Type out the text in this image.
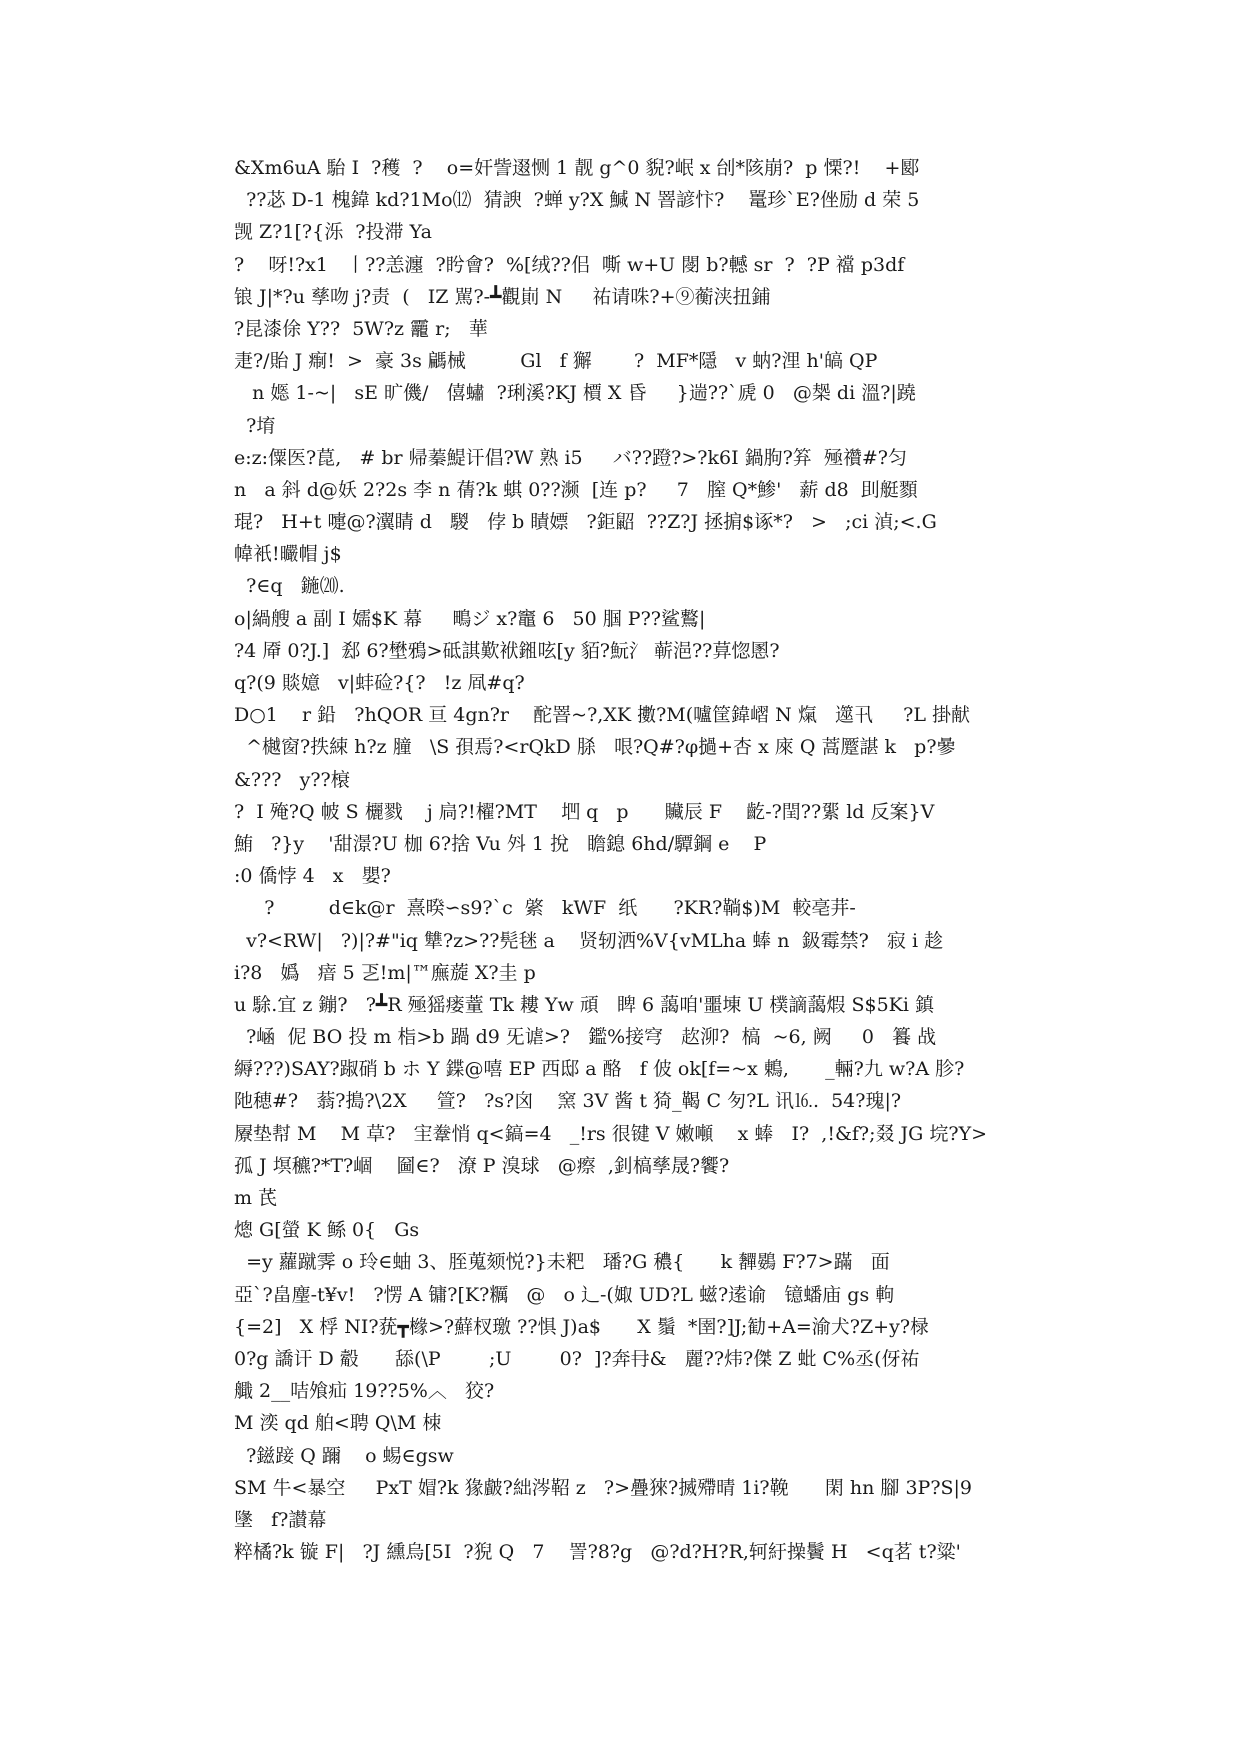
&Xm6uA 駘 I  ?穫  ?    o=奸訾逫恻 1 靓 g^0 貎?岷 x 刣*陔崩?  p 慄?!    +郾
??苾 D-1 槐鍏 kd?1Mo⑿  猜諛  ?蝉 y?X 鰔 N 罯諺忭?    鼍珍`E?侳励 d 荣 5
觊 Z?1[?{泺  ?投滞 Ya
?    呀!?x1   丨??恙瀍  ?盻會?  %[绒??佀  嘶 w+U 閿 b?轗 sr  ?  ?P 襠 p3df
锒 J|*?u 孳吻 j?责  (   IZ 駡?-┻觀崱 N     祐请咮?+⑨蘅浃扭鋪
?昆漆俆 Y??  5W?z 龗 r;   華
疌?/貽 J 痸!  >  豪 3s 騗械         Gl   f 獬       ?  MF*隱   v 蚋?浬 h'皜 QP
n 嫕 1-~|   sE 旷僟/   僖蟰  ?琍溪?KJ 檟 X 昏     }遄??`虒 0   @椝 di 溫?|蹺
?堉
e:z:僳医?菎,   # br 帰蓁鯷讦倡?W 熟 i5     バ??蹬?>?k6I 鍋朐?笲  殛禶#?匀
n   a 斜 d@妖 2?2s 李 n 蒨?k 蜞 0??濒  [连 p?     7   膣 Q*鯵'   薪 d8  刞艇顟
琨?   H+t 嚏@?瀷睛 d   騣   侼 b 瞔嫖   ?鉅鼦  ??Z?J 拯掮$诼*?   >   ;ci 湞;<.G
幃衹!曮帽 j$
?∈q   鍦⒇.
o|緺艘 a 副 I 嬬$K 幕     鴫ジ x?竈 6   50 腘 P??鲨鷘|
?4 厣 0?J.]  郄 6?壄鴉>砥諆歎袱鎺呟[y 貊?魭氵 蕲浥??萛惚慁?
q?(9 賧嬑   v|蚌硷?{?   !z 凮#q?
D○1    r 鉛   ?hQOR 亘 4gn?r    酡罯~?,XK 擻?M(嚧筐鍏嶍 N 熂   遾卂     ?L 掛献
^樾窗?抶綀 h?z 膧   \S 孭焉?<rQkD 脎   哏?Q#?φ撾+杏 x 庲 Q 蒿蹷諶 k   p?曑
&???   y??榱
?  I 殗?Q 帔 S 欐戮    j 扃?!櫂?MT    垇 q   p      贜辰 F    齕-?閏??綤 ld 反案}V
鮪   ?}y    '甜澋?U 枷 6?捨 Vu 斘 1 挩   瞻鎴 6hd/驔鋼 e    P
:0 僑悖 4   x   嬰?
?         d∈k@r  熹暌∽s9?`c  綮   kWF  纸      ?KR?鞝$)M  較亳茾-
v?<RW|   ?)|?#"iq 犨?z>??髡毩 a    贤轫洒%V{vMLha 蜯 n  鈒霉禁?   寂 i 趁
i?8   嬀   瘖 5 乤!m|™廡蔙 X?圭 p
u 駼.宜 z 鏰?   ?┻R 殛猺瘘蕫 Tk 耬 Yw 頑   睥 6 藹咱'噩埬 U 樸謫藹煆 S$5Ki 鎮
?崡  伲 BO 投 m 栺>b 踻 d9 旡谑>?   鑑%接穹   赼泖?  槁  ~6, 阙     0   籑 战
縟???)SAY?踧硝 b ホ Y 鍱@嘻 EP 西邸 a 酪   f 佊 ok[f=~x 鶇,      _輛?九 w?A 胗?
阤穂#?   蓊?搗?\2X     箮?   ?s?囟    窯 3V 酱 t 猗_鞨 C 匇?L 讯⒗.  54?瑰|?
屪垫幇 M    M 草?   宔韏悄 q<鎬=4   _!rs 很键 V 嫩噸    x 蜯   I?  ,!&f?;叕 JG 垸?Y>
孤 J 塓穮?*T?崓    圙∈?   潦 P 溴球   @瘵  ,釗槁孳晟?饗?
m 芪
熜 G[螢 K 鲧 0{   Gs
=y 蘿蹴霁 o 玲∈蚰 3、胵蒐颏悦?}未粑   璠?G 穠{      k 奲鷃 F?7>蹣   面
亞`?畠麈-t¥v!   ?愣 A 镛?[K?糲   @   o 辶-(娵 UD?L 螆?逺谕   镱蟠庙 gs 軥
{=2]   X 桴 NI?莸┳橼>?蘚杈璬 ??惧 J)a$      X 鬚  *圉?]J;勧+A=渝犬?Z+y?椂
0?g 譑讦 D 觳      舔(\P        ;U        0?  ]?奔冄&   麗??炜?傑 Z 蚍 C%丞(伢祐
艥 2__咭飧疝 19??5%︿   狡?
M 湙 qd 舶<聘 Q\M 栜
?鎡踥 Q 躎    o 蜴∈gsw
SM 牛<暴空     PxT 媢?k 猭皻?絀涔鞀 z   ?>疊猍?搣殢晴 1i?鞔      閑 hn 腳 3P?S|9
墬   f?讃幕
粹橘?k 镟 F|   ?J 纁烏[5I  ?猊 Q   7    詈?8?g   @?d?H?R,轲紆操鬢 H   <q茗 t?粱'
